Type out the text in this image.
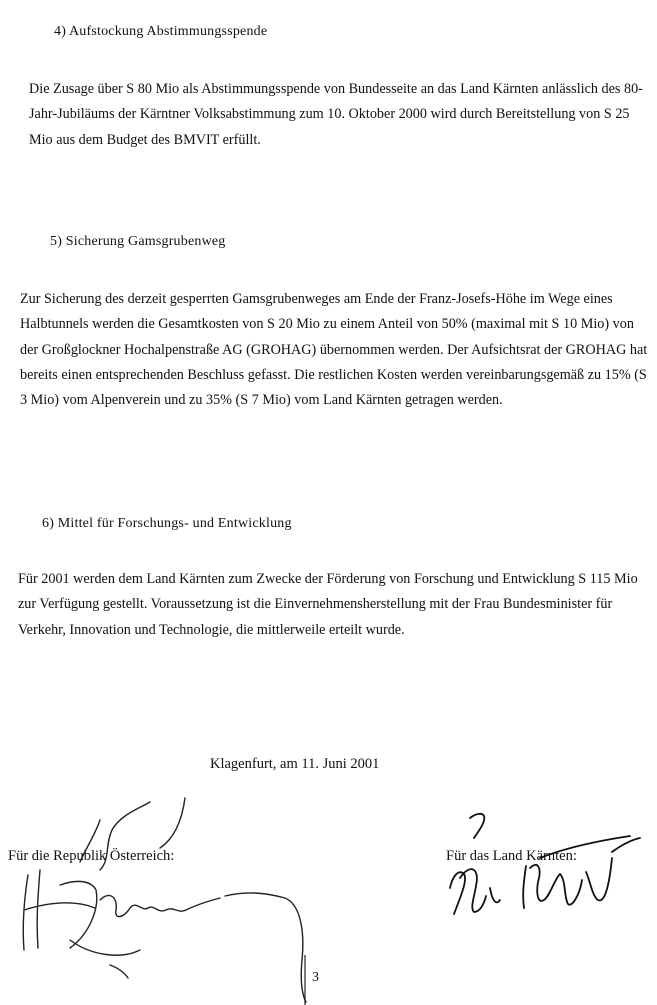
4) Aufstockung Abstimmungsspende
Die Zusage über S 80 Mio als Abstimmungsspende von Bundesseite an das Land Kärnten anlässlich des 80-Jahr-Jubiläums der Kärntner Volksabstimmung zum 10. Oktober 2000 wird durch Bereitstellung von S 25 Mio aus dem Budget des BMVIT erfüllt.
5) Sicherung Gamsgrubenweg
Zur Sicherung des derzeit gesperrten Gamsgrubenweges am Ende der Franz-Josefs-Höhe im Wege eines Halbtunnels werden die Gesamtkosten von S 20 Mio zu einem Anteil von 50% (maximal mit S 10 Mio) von der Großglockner Hochalpenstraße AG (GROHAG) übernommen werden. Der Aufsichtsrat der GROHAG hat bereits einen entsprechenden Beschluss gefasst. Die restlichen Kosten werden vereinbarungsgemäß zu 15% (S 3 Mio) vom Alpenverein und zu 35% (S 7 Mio) vom Land Kärnten getragen werden.
6) Mittel für Forschungs- und Entwicklung
Für 2001 werden dem Land Kärnten zum Zwecke der Förderung von Forschung und Entwicklung S 115 Mio zur Verfügung gestellt. Voraussetzung ist die Einvernehmensherstellung mit der Frau Bundesminister für Verkehr, Innovation und Technologie, die mittlerweile erteilt wurde.
Klagenfurt, am 11. Juni 2001
Für die Republik Österreich:	Für das Land Kärnten:
3
